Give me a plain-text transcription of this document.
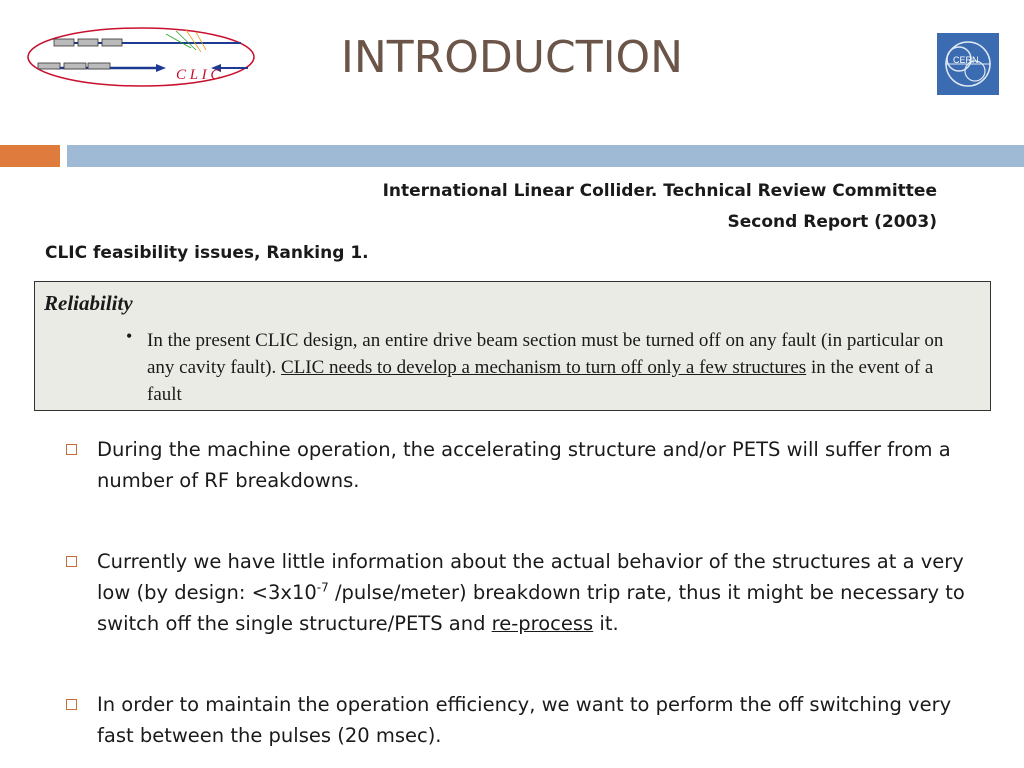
C L I C
CERN
INTRODUCTION
International Linear Collider. Technical Review Committee
Second Report (2003)
CLIC feasibility issues, Ranking 1.
Reliability
• In the present CLIC design, an entire drive beam section must be turned off on any fault (in particular on any cavity fault). CLIC needs to develop a mechanism to turn off only a few structures in the event of a fault
During the machine operation, the accelerating structure and/or PETS will suffer from a number of RF breakdowns.
Currently we have little information about the actual behavior of the structures at a very low (by design: $<3x10^{-7}$ /pulse/meter) breakdown trip rate, thus it might be necessary to switch off the single structure/PETS and re-process it.
In order to maintain the operation efficiency, we want to perform the off switching very fast between the pulses (20 msec).
